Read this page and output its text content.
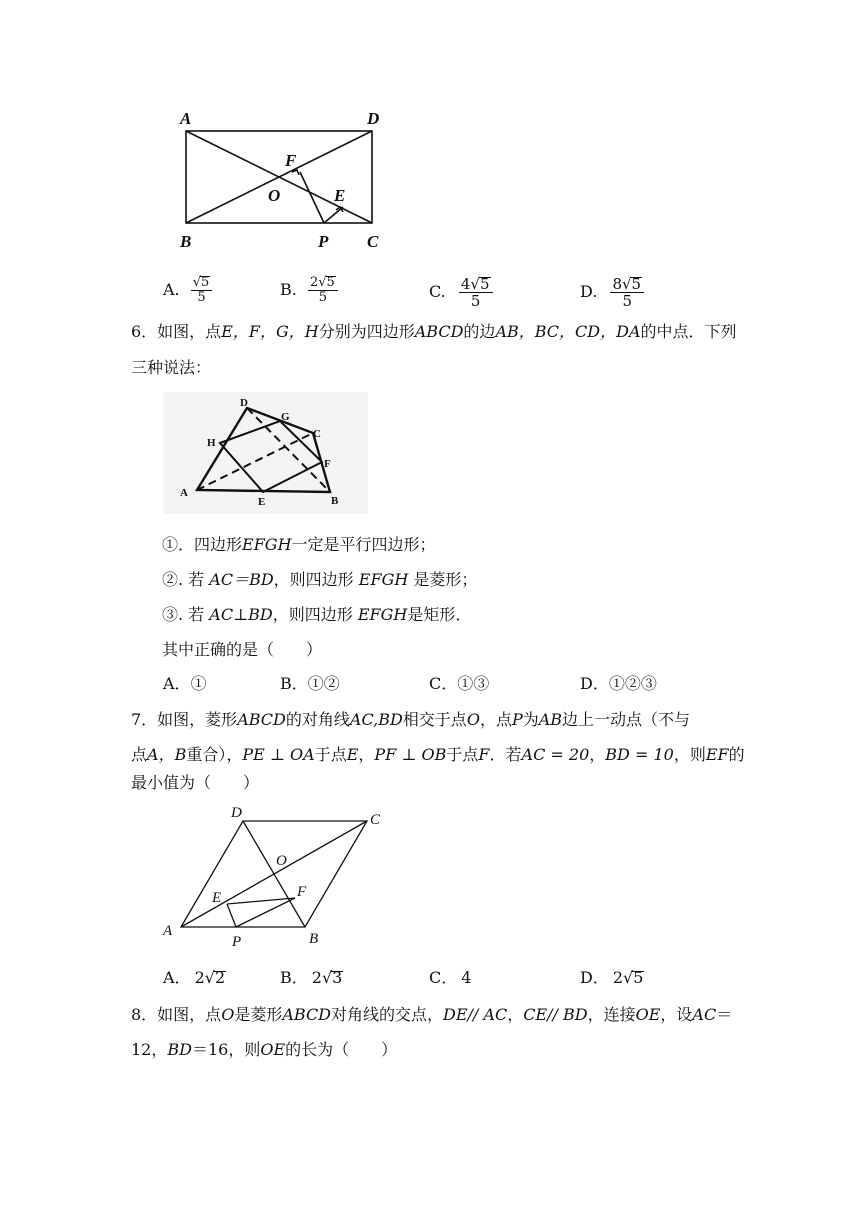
A	D
F
O	E
B	P C
A. $\frac{√5}{5}$	B. $\frac{2√5}{5}$	C. $\frac{4√5}{5}$	D. $\frac{8√5}{5}$
6．如图，点E，F，G，H分别为四边形ABCD的边AB，BC，CD，DA的中点．下列
三种说法：
D
G
C
H
F
A
E	B
①．四边形EFGH一定是平行四边形；
②. 若 AC＝BD，则四边形 EFGH 是菱形；
③. 若 AC⊥BD，则四边形 EFGH是矩形．
其中正确的是（　　）
A．①	B．①②	C．①③	D．①②③
7．如图，菱形ABCD的对角线AC,BD相交于点O，点P为AB边上一动点（不与
点A，B重合），PE ⊥ OA于点E，PF ⊥ OB于点F．若AC = 20，BD = 10，则EF的
最小值为（　　）
D	C
O
E	F
A
P	B
A． 2√2	B． 2√3	C． 4	D． 2√5
8．如图，点O是菱形ABCD对角线的交点，DE// AC，CE// BD，连接OE，设AC＝
12，BD＝16，则OE的长为（　　）
